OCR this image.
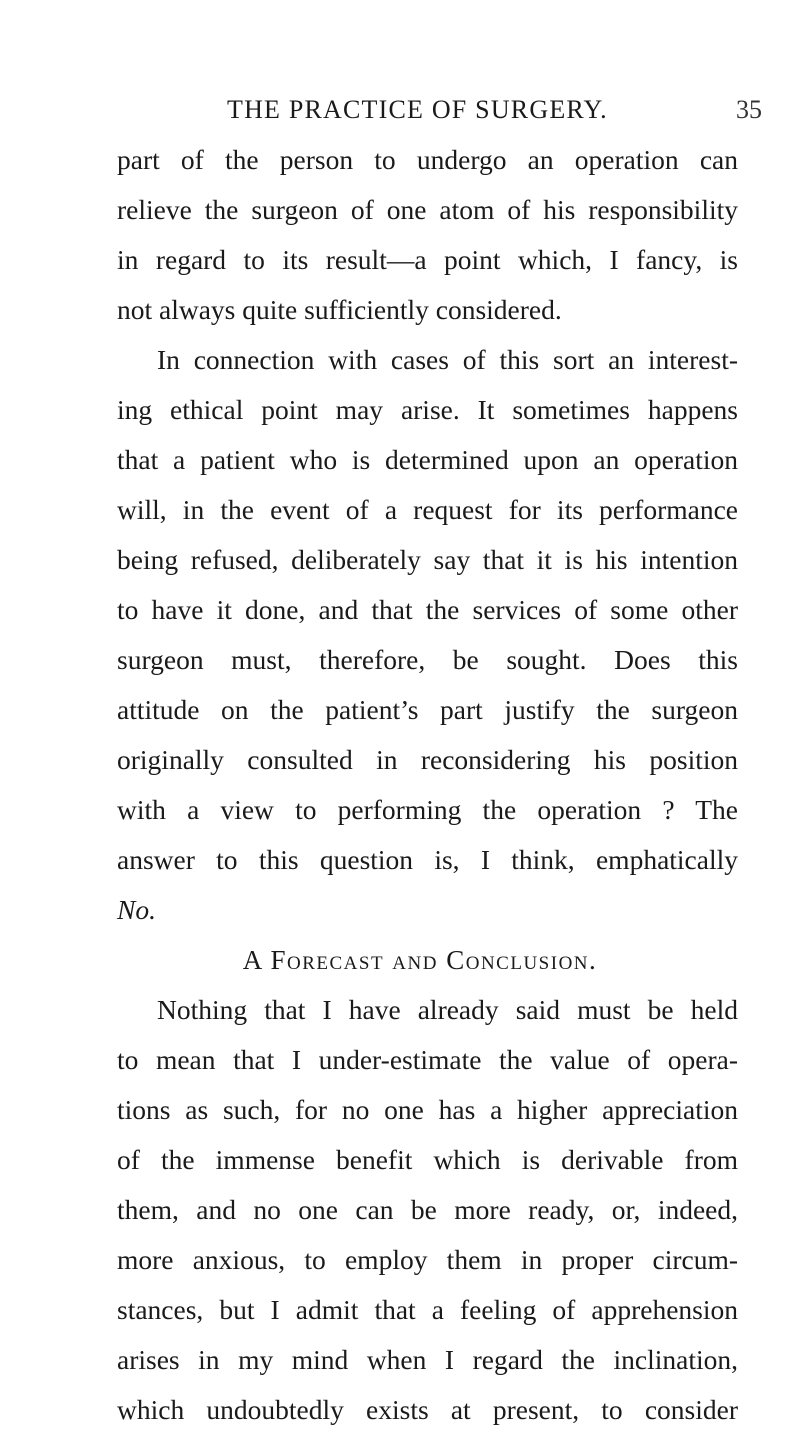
THE PRACTICE OF SURGERY.	35
part of the person to undergo an operation can
relieve the surgeon of one atom of his responsibility
in regard to its result—a point which, I fancy, is
not always quite sufficiently considered.
In connection with cases of this sort an interest-
ing ethical point may arise. It sometimes happens
that a patient who is determined upon an operation
will, in the event of a request for its performance
being refused, deliberately say that it is his intention
to have it done, and that the services of some other
surgeon must, therefore, be sought. Does this
attitude on the patient’s part justify the surgeon
originally consulted in reconsidering his position
with a view to performing the operation ? The
answer to this question is, I think, emphatically
No.
A Forecast and Conclusion.
Nothing that I have already said must be held
to mean that I under-estimate the value of opera-
tions as such, for no one has a higher appreciation
of the immense benefit which is derivable from
them, and no one can be more ready, or, indeed,
more anxious, to employ them in proper circum-
stances, but I admit that a feeling of apprehension
arises in my mind when I regard the inclination,
which undoubtedly exists at present, to consider
